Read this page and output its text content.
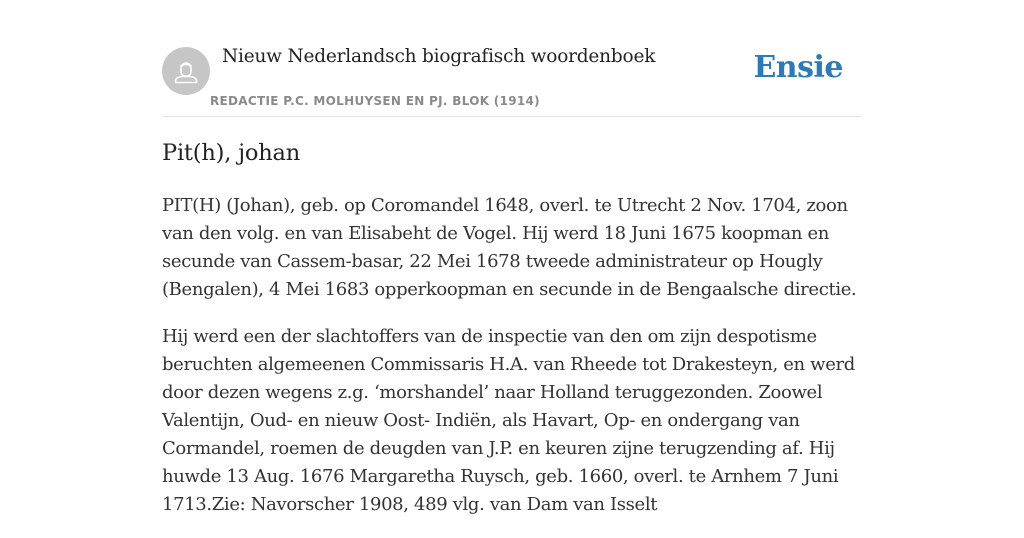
Nieuw Nederlandsch biografisch woordenboek
REDACTIE P.C. MOLHUYSEN EN PJ. BLOK (1914)
Ensie
Pit(h), johan

PIT(H) (Johan), geb. op Coromandel 1648, overl. te Utrecht 2 Nov. 1704, zoon van den volg. en van Elisabeht de Vogel. Hij werd 18 Juni 1675 koopman en secunde van Cassem-basar, 22 Mei 1678 tweede administrateur op Hougly (Bengalen), 4 Mei 1683 opperkoopman en secunde in de Bengaalsche directie.

Hij werd een der slachtoffers van de inspectie van den om zijn despotisme beruchten algemeenen Commissaris H.A. van Rheede tot Drakesteyn, en werd door dezen wegens z.g. ‘morshandel’ naar Holland teruggezonden. Zoowel Valentijn, Oud- en nieuw Oost- Indiën, als Havart, Op- en ondergang van Cormandel, roemen de deugden van J.P. en keuren zijne terugzending af. Hij huwde 13 Aug. 1676 Margaretha Ruysch, geb. 1660, overl. te Arnhem 7 Juni 1713.Zie: Navorscher 1908, 489 vlg. van Dam van Isselt
